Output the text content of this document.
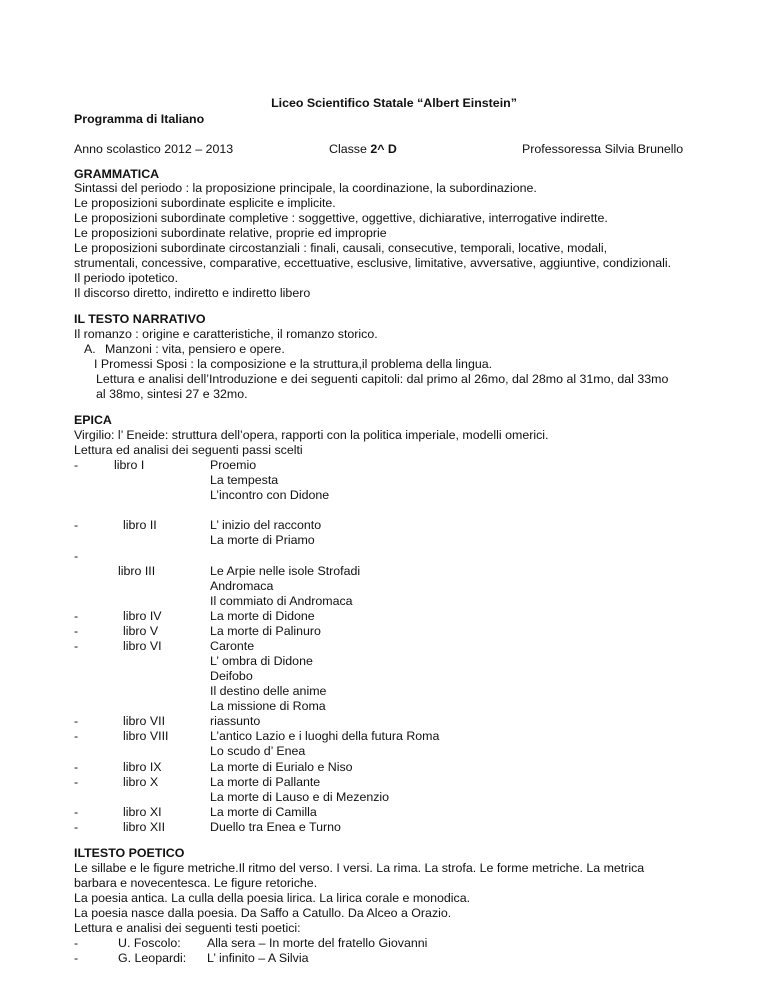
Liceo Scientifico Statale “Albert Einstein”
Programma di Italiano
Anno scolastico 2012 – 2013	Classe 2^ D	Professoressa Silvia Brunello
GRAMMATICA
Sintassi del periodo : la proposizione principale, la coordinazione, la subordinazione.
Le proposizioni subordinate esplicite e implicite.
Le proposizioni subordinate completive : soggettive, oggettive, dichiarative, interrogative indirette.
Le proposizioni subordinate relative, proprie ed improprie
Le proposizioni subordinate circostanziali : finali, causali, consecutive, temporali, locative, modali,
strumentali, concessive, comparative, eccettuative, esclusive, limitative, avversative, aggiuntive, condizionali.
Il periodo ipotetico.
Il discorso diretto, indiretto e indiretto libero
IL TESTO NARRATIVO
Il romanzo : origine e caratteristiche, il romanzo storico.
A. Manzoni : vita, pensiero e opere.
I Promessi Sposi : la composizione e la struttura,il problema della lingua.
Lettura e analisi dell’Introduzione e dei seguenti capitoli: dal primo al 26mo, dal 28mo al 31mo, dal 33mo
al 38mo, sintesi 27 e 32mo.
EPICA
Virgilio: l’ Eneide: struttura dell’opera, rapporti con la politica imperiale, modelli omerici.
Lettura ed analisi dei seguenti passi scelti
-	libro I	Proemio
La tempesta
L’incontro con Didone
-	libro II	L’ inizio del racconto
La morte di Priamo
-
libro III	Le Arpie nelle isole Strofadi
Andromaca
Il commiato di Andromaca
-	libro IV	La morte di Didone
-	libro V	La morte di Palinuro
-	libro VI	Caronte
L’ ombra di Didone
Deifobo
Il destino delle anime
La missione di Roma
-	libro VII	riassunto
-	libro VIII	L’antico Lazio e i luoghi della futura Roma
Lo scudo d’ Enea
-	libro IX	La morte di Eurialo e Niso
-	libro X	La morte di Pallante
La morte di Lauso e di Mezenzio
-	libro XI	La morte di Camilla
-	libro XII	Duello tra Enea e Turno
ILTESTO POETICO
Le sillabe e le figure metriche.Il ritmo del verso. I versi. La rima. La strofa. Le forme metriche. La metrica
barbara e novecentesca. Le figure retoriche.
La poesia antica. La culla della poesia lirica. La lirica corale e monodica.
La poesia nasce dalla poesia. Da Saffo a Catullo. Da Alceo a Orazio.
Lettura e analisi dei seguenti testi poetici:
-	U. Foscolo: Alla sera – In morte del fratello Giovanni
-	G. Leopardi: L’ infinito – A Silvia
